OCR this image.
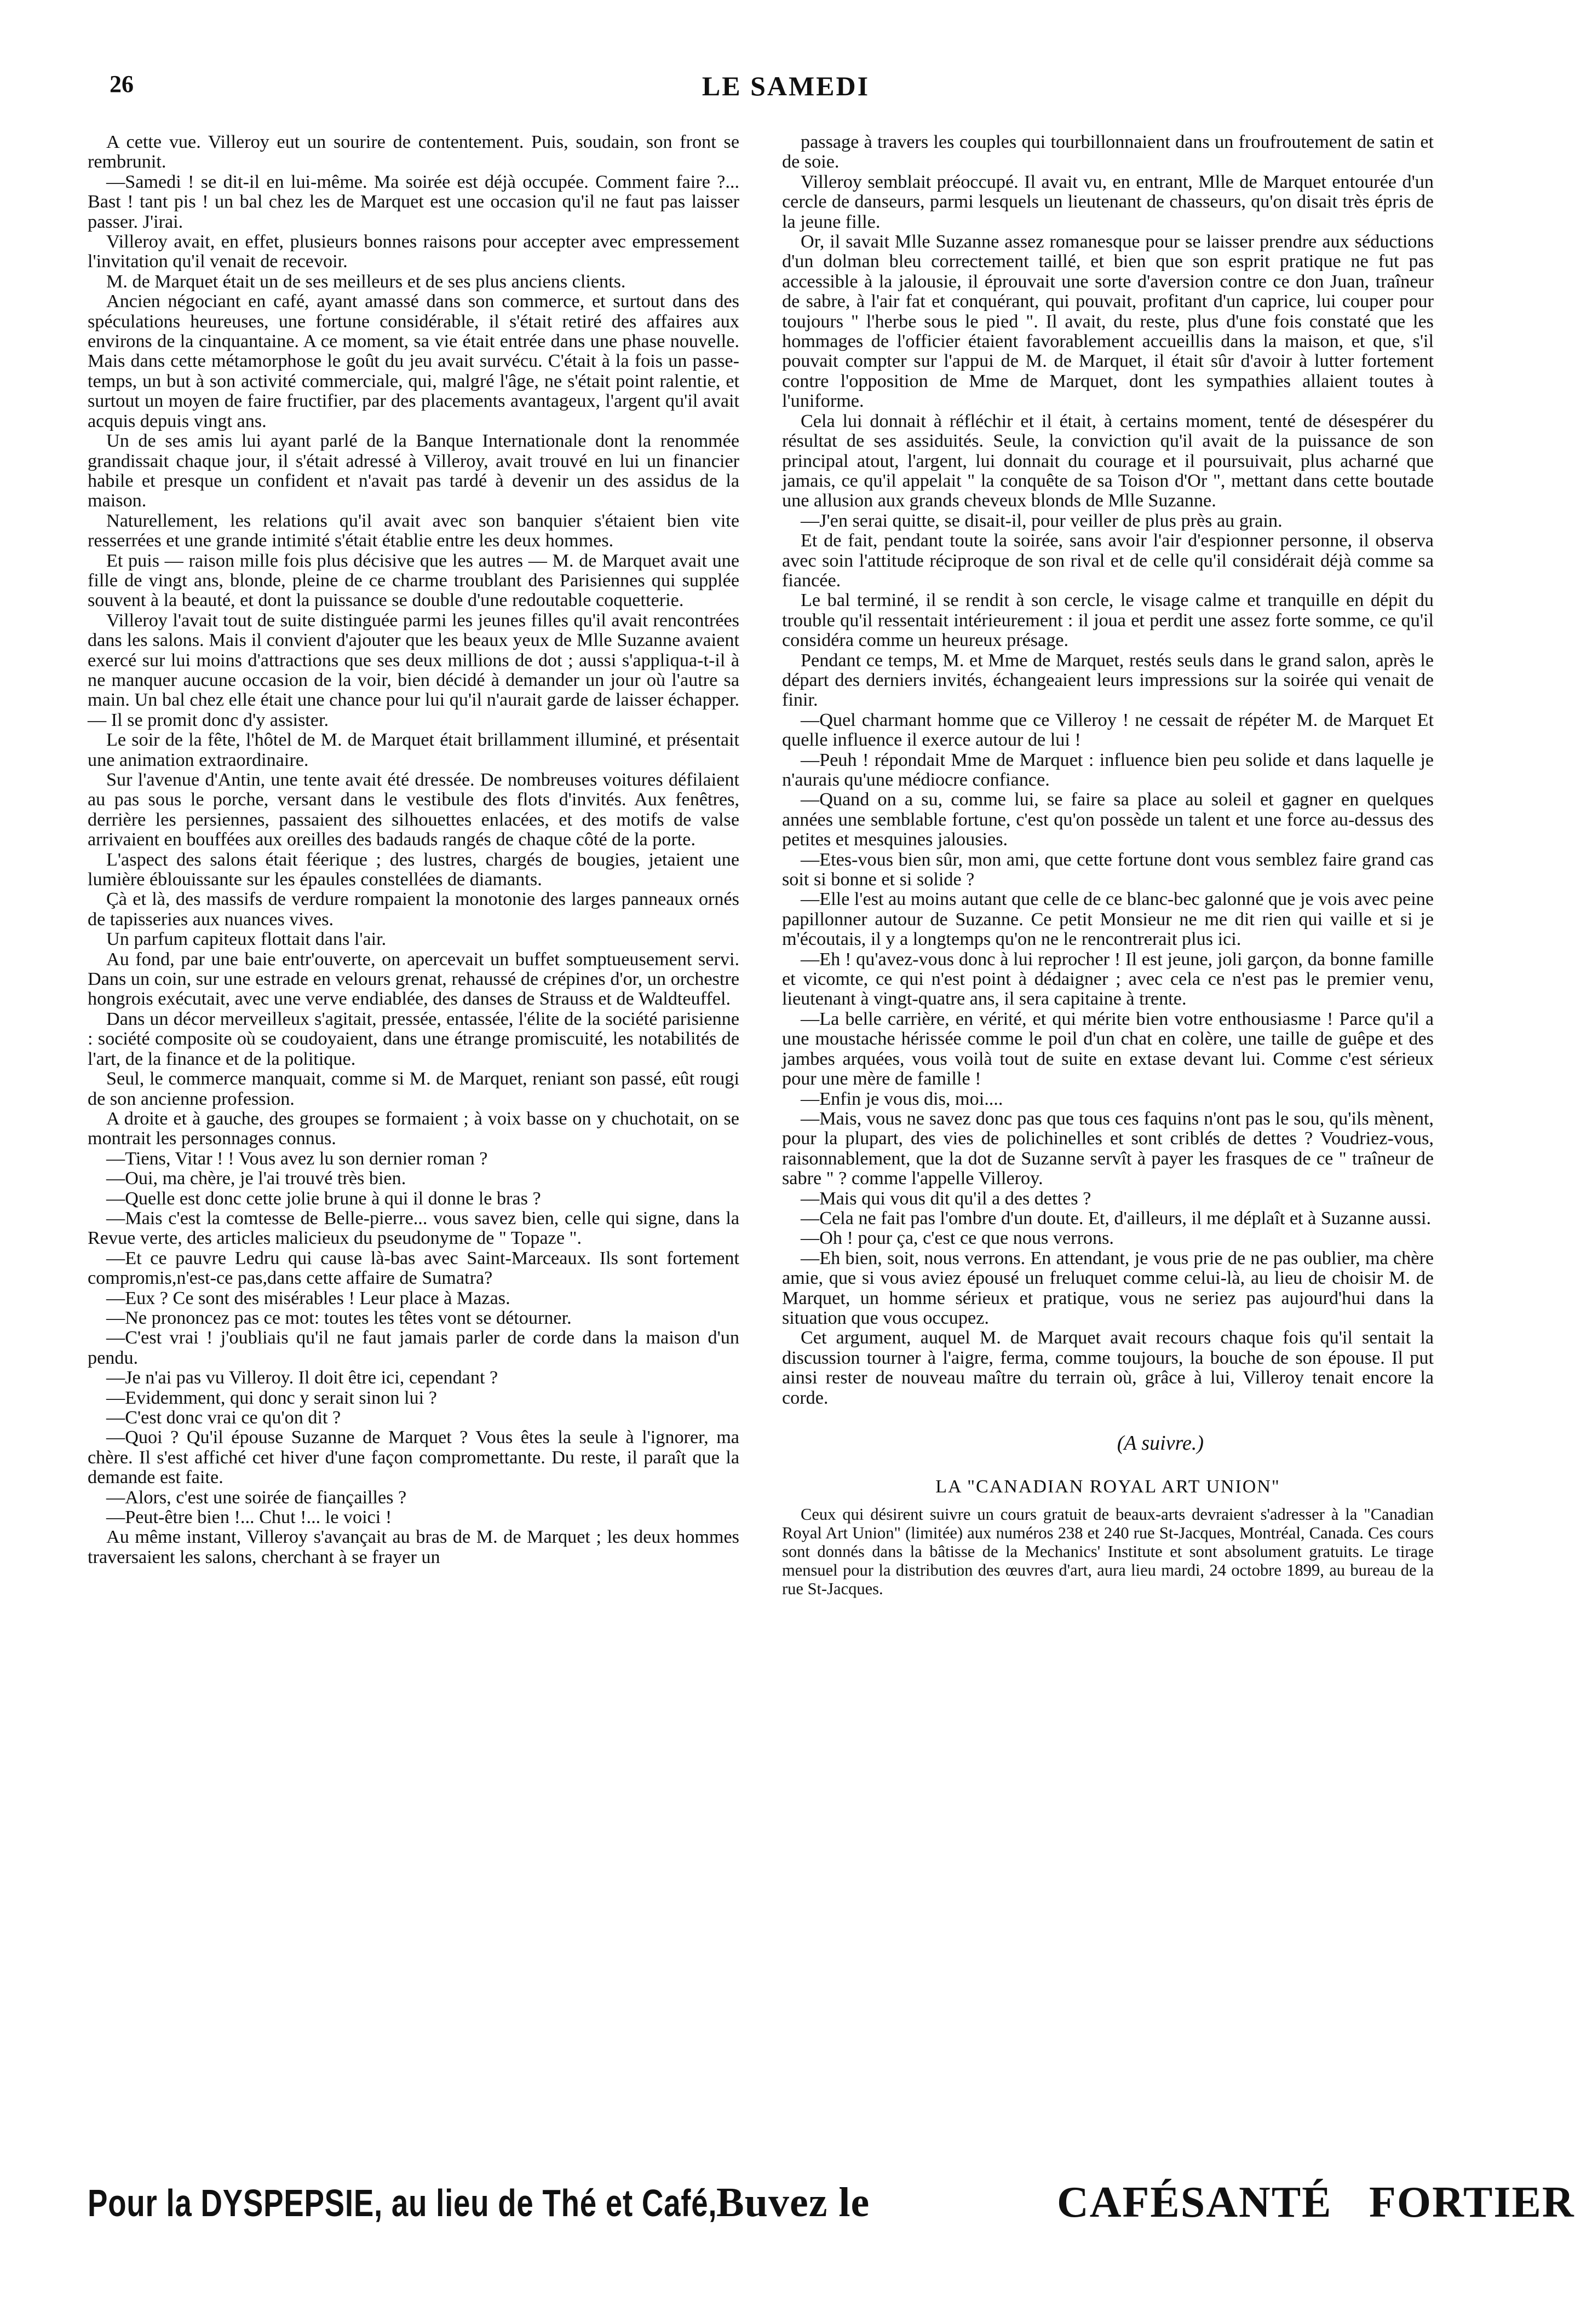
26	LE SAMEDI

A cette vue. Villeroy eut un sourire de contentement. Puis, soudain, son front se rembrunit.

—Samedi ! se dit-il en lui-même. Ma soirée est déjà occupée. Comment faire ?... Bast ! tant pis ! un bal chez les de Marquet est une occasion qu'il ne faut pas laisser passer. J'irai.

Villeroy avait, en effet, plusieurs bonnes raisons pour accepter avec empressement l'invitation qu'il venait de recevoir.

M. de Marquet était un de ses meilleurs et de ses plus anciens clients.

Ancien négociant en café, ayant amassé dans son commerce, et surtout dans des spéculations heureuses, une fortune considérable, il s'était retiré des affaires aux environs de la cinquantaine. A ce moment, sa vie était entrée dans une phase nouvelle. Mais dans cette métamorphose le goût du jeu avait survécu. C'était à la fois un passe-temps, un but à son activité commerciale, qui, malgré l'âge, ne s'était point ralentie, et surtout un moyen de faire fructifier, par des placements avantageux, l'argent qu'il avait acquis depuis vingt ans.

Un de ses amis lui ayant parlé de la Banque Internationale dont la renommée grandissait chaque jour, il s'était adressé à Villeroy, avait trouvé en lui un financier habile et presque un confident et n'avait pas tardé à devenir un des assidus de la maison.

Naturellement, les relations qu'il avait avec son banquier s'étaient bien vite resserrées et une grande intimité s'était établie entre les deux hommes.

Et puis — raison mille fois plus décisive que les autres — M. de Marquet avait une fille de vingt ans, blonde, pleine de ce charme troublant des Parisiennes qui supplée souvent à la beauté, et dont la puissance se double d'une redoutable coquetterie.

Villeroy l'avait tout de suite distinguée parmi les jeunes filles qu'il avait rencontrées dans les salons. Mais il convient d'ajouter que les beaux yeux de Mlle Suzanne avaient exercé sur lui moins d'attractions que ses deux millions de dot ; aussi s'appliqua-t-il à ne manquer aucune occasion de la voir, bien décidé à demander un jour où l'autre sa main. Un bal chez elle était une chance pour lui qu'il n'aurait garde de laisser échapper. — Il se promit donc d'y assister.

Le soir de la fête, l'hôtel de M. de Marquet était brillamment illuminé, et présentait une animation extraordinaire.

Sur l'avenue d'Antin, une tente avait été dressée. De nombreuses voitures défilaient au pas sous le porche, versant dans le vestibule des flots d'invités. Aux fenêtres, derrière les persiennes, passaient des silhouettes enlacées, et des motifs de valse arrivaient en bouffées aux oreilles des badauds rangés de chaque côté de la porte.

L'aspect des salons était féerique ; des lustres, chargés de bougies, jetaient une lumière éblouissante sur les épaules constellées de diamants.

Çà et là, des massifs de verdure rompaient la monotonie des larges panneaux ornés de tapisseries aux nuances vives.

Un parfum capiteux flottait dans l'air.

Au fond, par une baie entr'ouverte, on apercevait un buffet somptueusement servi. Dans un coin, sur une estrade en velours grenat, rehaussé de crépines d'or, un orchestre hongrois exécutait, avec une verve endiablée, des danses de Strauss et de Waldteuffel.

Dans un décor merveilleux s'agitait, pressée, entassée, l'élite de la société parisienne : société composite où se coudoyaient, dans une étrange promiscuité, les notabilités de l'art, de la finance et de la politique.

Seul, le commerce manquait, comme si M. de Marquet, reniant son passé, eût rougi de son ancienne profession.

A droite et à gauche, des groupes se formaient ; à voix basse on y chuchotait, on se montrait les personnages connus.

—Tiens, Vitar ! ! Vous avez lu son dernier roman ?

—Oui, ma chère, je l'ai trouvé très bien.

—Quelle est donc cette jolie brune à qui il donne le bras ?

—Mais c'est la comtesse de Belle-pierre... vous savez bien, celle qui signe, dans la Revue verte, des articles malicieux du pseudonyme de " Topaze ".

—Et ce pauvre Ledru qui cause là-bas avec Saint-Marceaux. Ils sont fortement compromis,n'est-ce pas,dans cette affaire de Sumatra?

—Eux ? Ce sont des misérables ! Leur place à Mazas.

—Ne prononcez pas ce mot: toutes les têtes vont se détourner.

—C'est vrai ! j'oubliais qu'il ne faut jamais parler de corde dans la maison d'un pendu.

—Je n'ai pas vu Villeroy. Il doit être ici, cependant ?

—Evidemment, qui donc y serait sinon lui ?

—C'est donc vrai ce qu'on dit ?

—Quoi ? Qu'il épouse Suzanne de Marquet ? Vous êtes la seule à l'ignorer, ma chère. Il s'est affiché cet hiver d'une façon compromettante. Du reste, il paraît que la demande est faite.

—Alors, c'est une soirée de fiançailles ?

—Peut-être bien !... Chut !... le voici !

Au même instant, Villeroy s'avançait au bras de M. de Marquet ; les deux hommes traversaient les salons, cherchant à se frayer un

passage à travers les couples qui tourbillonnaient dans un froufroutement de satin et de soie.

Villeroy semblait préoccupé. Il avait vu, en entrant, Mlle de Marquet entourée d'un cercle de danseurs, parmi lesquels un lieutenant de chasseurs, qu'on disait très épris de la jeune fille.

Or, il savait Mlle Suzanne assez romanesque pour se laisser prendre aux séductions d'un dolman bleu correctement taillé, et bien que son esprit pratique ne fut pas accessible à la jalousie, il éprouvait une sorte d'aversion contre ce don Juan, traîneur de sabre, à l'air fat et conquérant, qui pouvait, profitant d'un caprice, lui couper pour toujours " l'herbe sous le pied ". Il avait, du reste, plus d'une fois constaté que les hommages de l'officier étaient favorablement accueillis dans la maison, et que, s'il pouvait compter sur l'appui de M. de Marquet, il était sûr d'avoir à lutter fortement contre l'opposition de Mme de Marquet, dont les sympathies allaient toutes à l'uniforme.

Cela lui donnait à réfléchir et il était, à certains moment, tenté de désespérer du résultat de ses assiduités. Seule, la conviction qu'il avait de la puissance de son principal atout, l'argent, lui donnait du courage et il poursuivait, plus acharné que jamais, ce qu'il appelait " la conquête de sa Toison d'Or ", mettant dans cette boutade une allusion aux grands cheveux blonds de Mlle Suzanne.

—J'en serai quitte, se disait-il, pour veiller de plus près au grain.

Et de fait, pendant toute la soirée, sans avoir l'air d'espionner personne, il observa avec soin l'attitude réciproque de son rival et de celle qu'il considérait déjà comme sa fiancée.

Le bal terminé, il se rendit à son cercle, le visage calme et tranquille en dépit du trouble qu'il ressentait intérieurement : il joua et perdit une assez forte somme, ce qu'il considéra comme un heureux présage.

Pendant ce temps, M. et Mme de Marquet, restés seuls dans le grand salon, après le départ des derniers invités, échangeaient leurs impressions sur la soirée qui venait de finir.

—Quel charmant homme que ce Villeroy ! ne cessait de répéter M. de Marquet Et quelle influence il exerce autour de lui !

—Peuh ! répondait Mme de Marquet : influence bien peu solide et dans laquelle je n'aurais qu'une médiocre confiance.

—Quand on a su, comme lui, se faire sa place au soleil et gagner en quelques années une semblable fortune, c'est qu'on possède un talent et une force au-dessus des petites et mesquines jalousies.

—Etes-vous bien sûr, mon ami, que cette fortune dont vous semblez faire grand cas soit si bonne et si solide ?

—Elle l'est au moins autant que celle de ce blanc-bec galonné que je vois avec peine papillonner autour de Suzanne. Ce petit Monsieur ne me dit rien qui vaille et si je m'écoutais, il y a longtemps qu'on ne le rencontrerait plus ici.

—Eh ! qu'avez-vous donc à lui reprocher ! Il est jeune, joli garçon, da bonne famille et vicomte, ce qui n'est point à dédaigner ; avec cela ce n'est pas le premier venu, lieutenant à vingt-quatre ans, il sera capitaine à trente.

—La belle carrière, en vérité, et qui mérite bien votre enthousiasme ! Parce qu'il a une moustache hérissée comme le poil d'un chat en colère, une taille de guêpe et des jambes arquées, vous voilà tout de suite en extase devant lui. Comme c'est sérieux pour une mère de famille !

—Enfin je vous dis, moi....

—Mais, vous ne savez donc pas que tous ces faquins n'ont pas le sou, qu'ils mènent, pour la plupart, des vies de polichinelles et sont criblés de dettes ? Voudriez-vous, raisonnablement, que la dot de Suzanne servît à payer les frasques de ce " traîneur de sabre " ? comme l'appelle Villeroy.

—Mais qui vous dit qu'il a des dettes ?

—Cela ne fait pas l'ombre d'un doute. Et, d'ailleurs, il me déplaît et à Suzanne aussi.

—Oh ! pour ça, c'est ce que nous verrons.

—Eh bien, soit, nous verrons. En attendant, je vous prie de ne pas oublier, ma chère amie, que si vous aviez épousé un freluquet comme celui-là, au lieu de choisir M. de Marquet, un homme sérieux et pratique, vous ne seriez pas aujourd'hui dans la situation que vous occupez.

Cet argument, auquel M. de Marquet avait recours chaque fois qu'il sentait la discussion tourner à l'aigre, ferma, comme toujours, la bouche de son épouse. Il put ainsi rester de nouveau maître du terrain où, grâce à lui, Villeroy tenait encore la corde.

(A suivre.)

LA "CANADIAN ROYAL ART UNION"

Ceux qui désirent suivre un cours gratuit de beaux-arts devraient s'adresser à la "Canadian Royal Art Union" (limitée) aux numéros 238 et 240 rue St-Jacques, Montréal, Canada. Ces cours sont donnés dans la bâtisse de la Mechanics' Institute et sont absolument gratuits. Le tirage mensuel pour la distribution des œuvres d'art, aura lieu mardi, 24 octobre 1899, au bureau de la rue St-Jacques.

Pour la DYSPEPSIE, au lieu de Thé et Café,
Buvez le	CAFÉSANTÉ FORTIER
